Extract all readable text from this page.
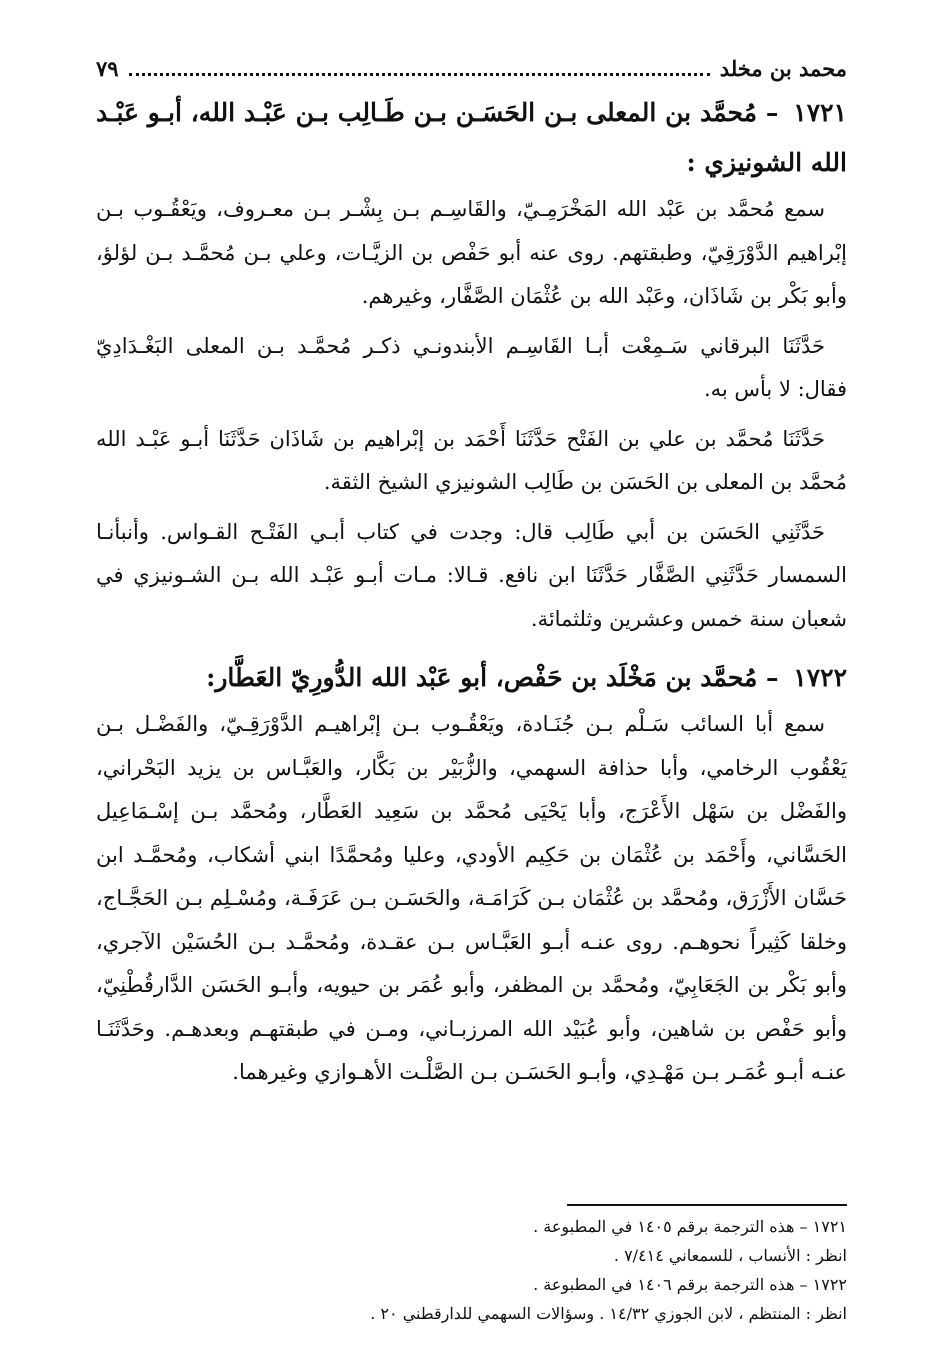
محمد بن مخلد
٧٩
١٧٢١ – مُحمَّد بن المعلى بـن الحَسَـن بـن طَـالِب بـن عَبْـد الله، أبـو عَبْـد الله الشونيزي :

سمع مُحمَّد بن عَبْد الله المَخْرَمِـيّ، والقَاسِـم بـن بِشْـر بـن معـروف، ويَعْقُـوب بـن إبْراهيم الدَّوْرَقِيّ، وطبقتهم. روى عنه أبو حَفْص بن الزيَّـات، وعلي بـن مُحمَّـد بـن لؤلؤ، وأبو بَكْر بن شَاذَان، وعَبْد الله بن عُثْمَان الصَّفَّار، وغيرهم.

حَدَّثَنَا البرقاني سَـمِعْت أبـا القَاسِـم الأبندونـي ذكـر مُحمَّـد بـن المعلى البَغْـدَادِيّ فقال: لا بأس به.

حَدَّثَنَا مُحمَّد بن علي بن الفَتْح حَدَّثَنَا أَحْمَد بن إبْراهيم بن شَاذَان حَدَّثَنَا أبـو عَبْـد الله مُحمَّد بن المعلى بن الحَسَن بن طَالِب الشونيزي الشيخ الثقة.

حَدَّثَنِي الحَسَن بن أبي طَالِب قال: وجدت في كتاب أبـي الفَتْـح القـواس. وأنبأنـا السمسار حَدَّثَنِي الصَّفَّار حَدَّثَنَا ابن نافع. قـالا: مـات أبـو عَبْـد الله بـن الشـونيزي في شعبان سنة خمس وعشرين وثلثمائة.

١٧٢٢ – مُحمَّد بن مَخْلَد بن حَفْص، أبو عَبْد الله الدُّورِيّ العَطَّار:

سمع أبا السائب سَـلْم بـن جُنَـادة، ويَعْقُـوب بـن إبْراهيـم الدَّوْرَقِـيّ، والفَضْـل بـن يَعْقُوب الرخامي، وأبا حذافة السهمي، والزُّبَيْر بن بَكَّار، والعَبَّـاس بن يزيد البَحْراني، والفَضْل بن سَهْل الأَعْرَج، وأبا يَحْيَى مُحمَّد بن سَعِيد العَطَّار، ومُحمَّد بـن إسْـمَاعِيل الحَسَّاني، وأَحْمَد بن عُثْمَان بن حَكِيم الأودي، وعليا ومُحمَّدًا ابني أشكاب، ومُحمَّـد ابن حَسَّان الأَزْرَق، ومُحمَّد بن عُثْمَان بـن كَرَامَـة، والحَسَـن بـن عَرَفَـة، ومُسْـلِم بـن الحَجَّـاج، وخلقا كَثِيراً نحوهـم. روى عنـه أبـو العَبَّـاس بـن عقـدة، ومُحمَّـد بـن الحُسَيْن الآجري، وأبو بَكْر بن الجَعَابِيّ، ومُحمَّد بن المظفر، وأبو عُمَر بن حيويه، وأبـو الحَسَن الدَّارقُطْنِيّ، وأبو حَفْص بن شاهين، وأبو عُبَيْد الله المرزبـاني، ومـن في طبقتهـم وبعدهـم. وحَدَّثَنَـا عنـه أبـو عُمَـر بـن مَهْـدِي، وأبـو الحَسَـن بـن الصَّلْـت الأهـوازي وغيرهما.

١٧٢١ – هذه الترجمة برقم ١٤٠٥ في المطبوعة .
انظر : الأنساب ، للسمعاني ٧/٤١٤ .
١٧٢٢ – هذه الترجمة برقم ١٤٠٦ في المطبوعة .
انظر : المنتظم ، لابن الجوزي ١٤/٣٢ . وسؤالات السهمي للدارقطني ٢٠ .
